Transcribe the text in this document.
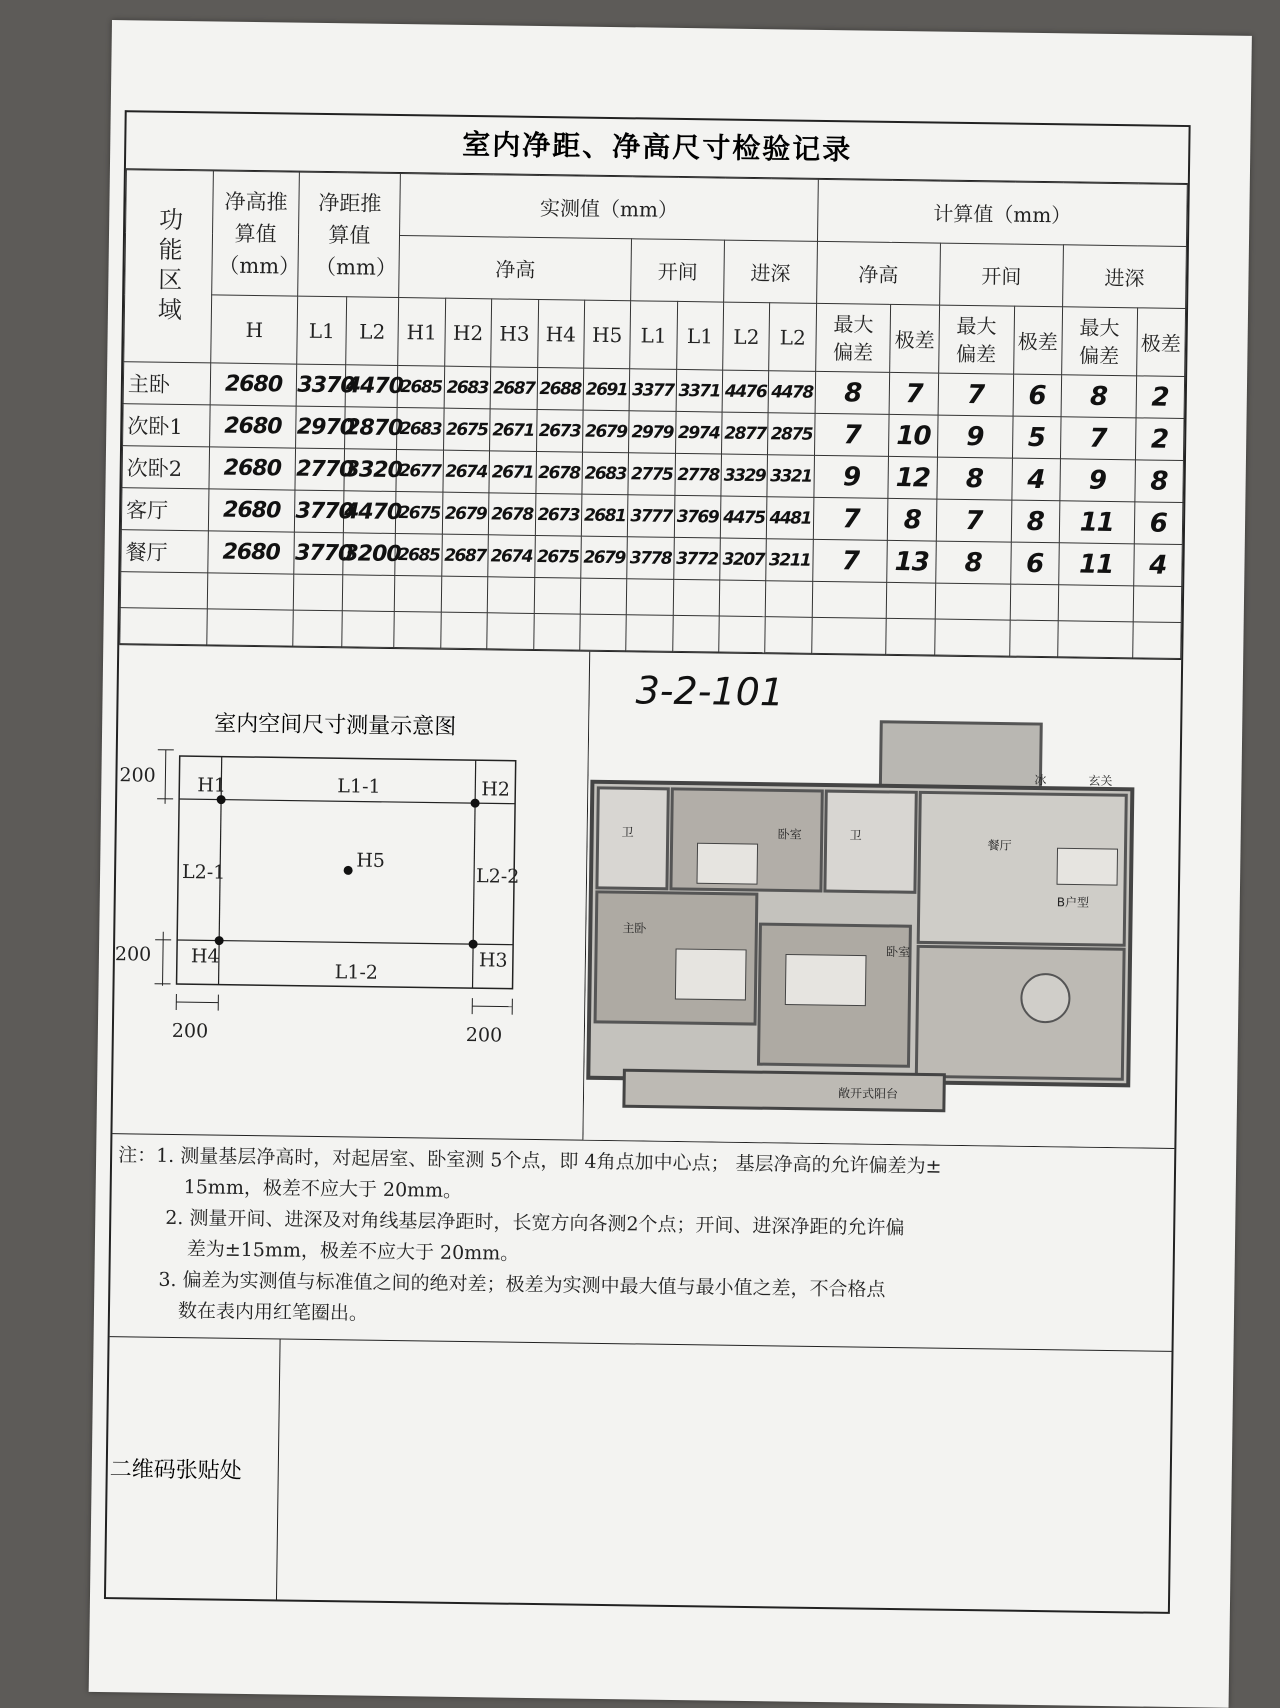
室内净距、净高尺寸检验记录
功能区域	净高推算值（mm）	净距推算值（mm）		实测值（mm）									计算值（mm）					
				净高					开间		进深		净高		开间		进深	
	H	L1	L2	H1	H2	H3	H4	H5	L1	L1	L2	L2	最大偏差	极差	最大偏差	极差	最大偏差	极差
主卧	2680	3370	4470	2685	2683	2687	2688	2691	3377	3371	4476	4478	8	7	7	6	8	2
次卧1	2680	2970	2870	2683	2675	2671	2673	2679	2979	2974	2877	2875	7	10	9	5	7	2
次卧2	2680	2770	3320	2677	2674	2671	2678	2683	2775	2778	3329	3321	9	12	8	4	9	8
客厅	2680	3770	4470	2675	2679	2678	2673	2681	3777	3769	4475	4481	7	8	7	8	11	6
餐厅	2680	3770	3200	2685	2687	2674	2675	2679	3778	3772	3207	3211	7	13	8	6	11	4

室内空间尺寸测量示意图
200
200
200	200
H1	H2
H3
H4
H5
L1-1
L1-2
L2-1	L2-2
3-2-101
冰	玄关
卫	卫
卧室
餐厅
B户型
主卧
卧室
敞开式阳台
注：1. 测量基层净高时，对起居室、卧室测 5个点，即 4角点加中心点； 基层净高的允许偏差为±
15mm，极差不应大于 20mm。
2. 测量开间、进深及对角线基层净距时，长宽方向各测2个点；开间、进深净距的允许偏
差为±15mm，极差不应大于 20mm。
3. 偏差为实测值与标准值之间的绝对差；极差为实测中最大值与最小值之差，不合格点
数在表内用红笔圈出。
二维码张贴处
